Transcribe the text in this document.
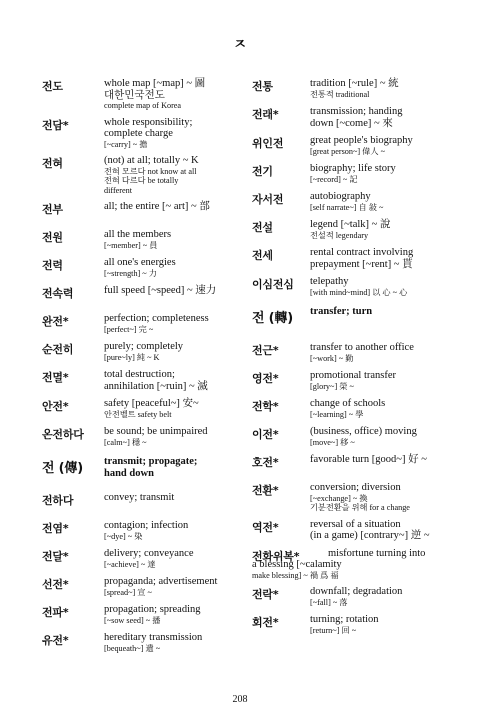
ㅈ
전도	whole map [~map] ~ 圖
대한민국전도
complete map of Korea
전담*	whole responsibility;
complete charge
[~carry] ~ 擔
전혀	(not) at all; totally ~ K
전혀 모르다 not know at all
전혀 다르다 be totally
different
전부	all; the entire [~ art] ~ 部
전원	all the members
[~member] ~ 員
전력	all one's energies
[~strength] ~ 力
전속력	full speed [~speed] ~ 速力
완전*	perfection; completeness
[perfect~] 完 ~
순전히	purely; completely
[pure~ly] 純 ~ K
전멸*	total destruction;
annihilation [~ruin] ~ 滅
안전*	safety [peaceful~] 安~
안전벨트 safety belt
온전하다 be sound; be unimpaired
[calm~] 穩 ~
전 (傳) transmit; propagate;
hand down
전하다	convey; transmit
전염*	contagion; infection
[~dye] ~ 染
전달*	delivery; conveyance
[~achieve] ~ 達
선전*	propaganda; advertisement
[spread~] 宣 ~
전파*	propagation; spreading
[~sow seed] ~ 播
유전*	hereditary transmission
[bequeath~] 遺 ~
전통	tradition [~rule] ~ 統
전통적 traditional
전래*	transmission; handing
down [~come] ~ 來
위인전	great people's biography
[great person~] 偉人 ~
전기	biography; life story
[~record] ~ 記
자서전	autobiography
[self narrate~] 自 敍 ~
전설	legend [~talk] ~ 說
전설적 legendary
전세	rental contract involving
prepayment [~rent] ~ 貰
이심전심 telepathy
[with mind~mind] 以 心 ~ 心
전 (轉) transfer; turn
전근*	transfer to another office
[~work] ~ 勤
영전*	promotional transfer
[glory~] 榮 ~
전학*	change of schools
[~learning] ~ 學
이전*	(business, office) moving
[move~] 移 ~
호전*	favorable turn [good~] 好 ~
전환*	conversion; diversion
[~exchange] ~ 換
기분전환을 위해 for a change
역전*	reversal of a situation
(in a game) [contrary~] 逆 ~
전화위복*	misfortune turning into
a blessing [~calamity
make blessing] ~ 禍 爲 福
전락*	downfall; degradation
[~fall] ~ 落
회전*	turning; rotation
[return~] 回 ~
208
